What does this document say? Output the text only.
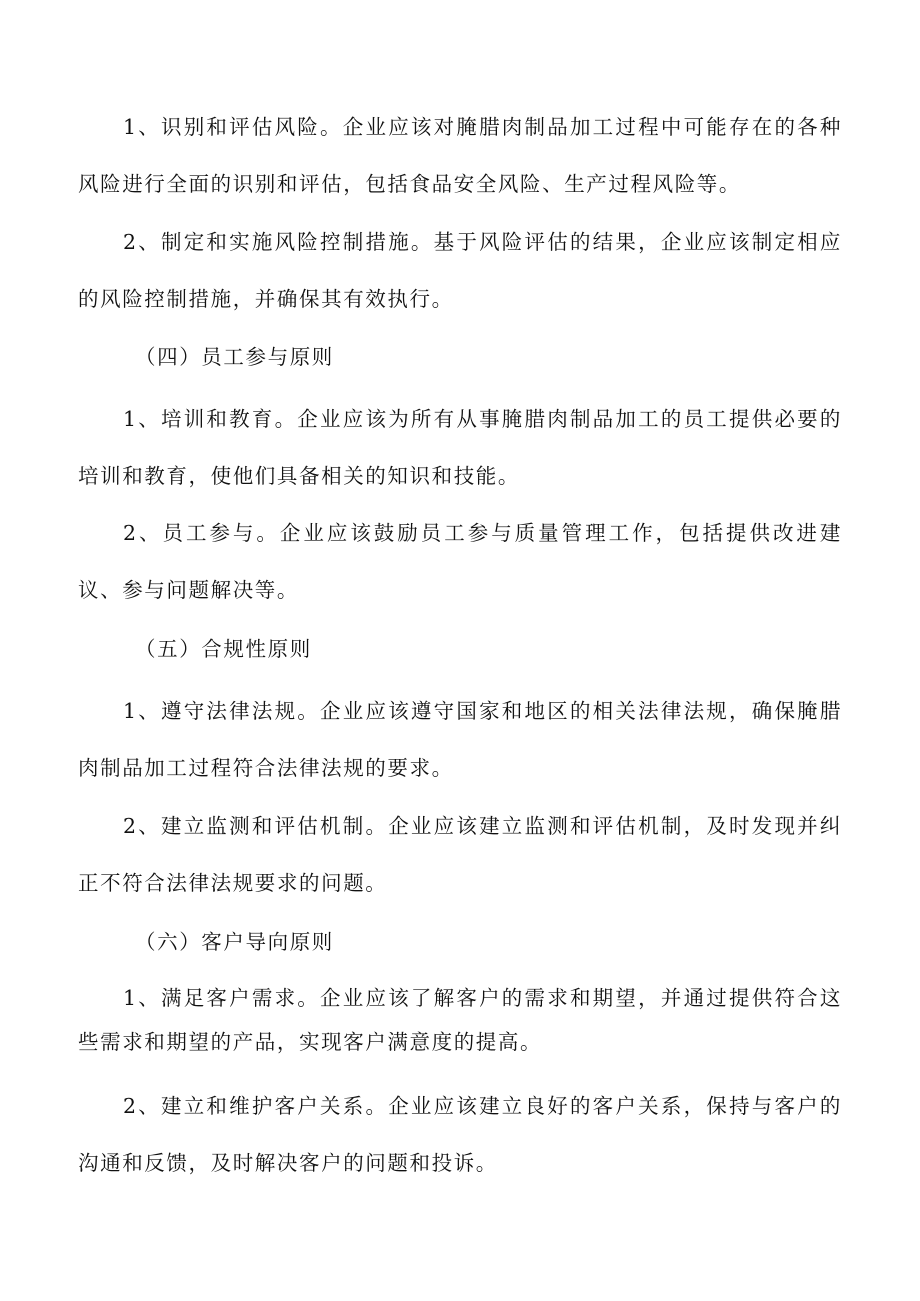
1、识别和评估风险。企业应该对腌腊肉制品加工过程中可能存在的各种风险进行全面的识别和评估，包括食品安全风险、生产过程风险等。

2、制定和实施风险控制措施。基于风险评估的结果，企业应该制定相应的风险控制措施，并确保其有效执行。

（四）员工参与原则

1、培训和教育。企业应该为所有从事腌腊肉制品加工的员工提供必要的培训和教育，使他们具备相关的知识和技能。

2、员工参与。企业应该鼓励员工参与质量管理工作，包括提供改进建议、参与问题解决等。

（五）合规性原则

1、遵守法律法规。企业应该遵守国家和地区的相关法律法规，确保腌腊肉制品加工过程符合法律法规的要求。

2、建立监测和评估机制。企业应该建立监测和评估机制，及时发现并纠正不符合法律法规要求的问题。

（六）客户导向原则

1、满足客户需求。企业应该了解客户的需求和期望，并通过提供符合这些需求和期望的产品，实现客户满意度的提高。

2、建立和维护客户关系。企业应该建立良好的客户关系，保持与客户的沟通和反馈，及时解决客户的问题和投诉。
